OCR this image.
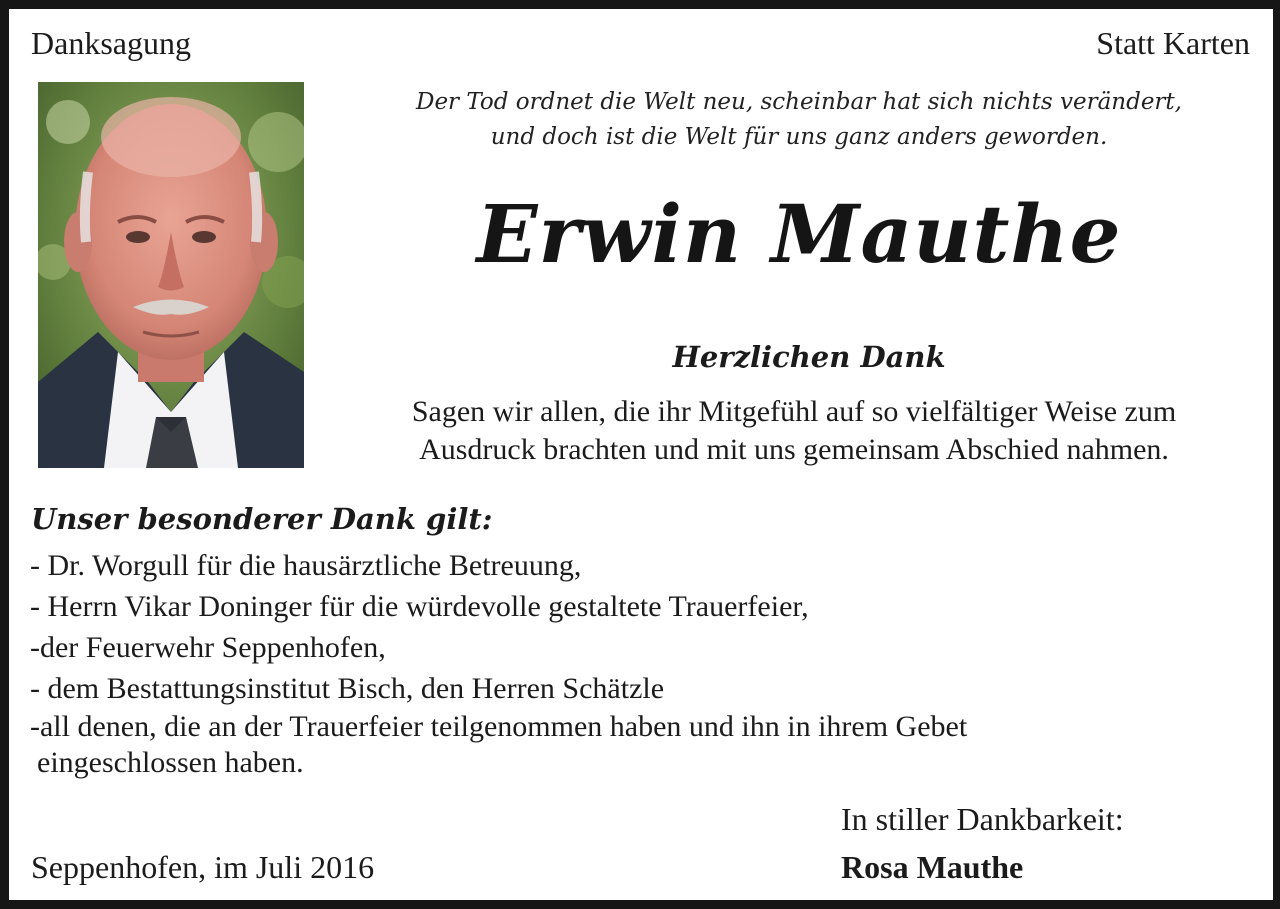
Danksagung	Statt Karten
Der Tod ordnet die Welt neu, scheinbar hat sich nichts verändert,
und doch ist die Welt für uns ganz anders geworden.
Erwin Mauthe
Herzlichen Dank
Sagen wir allen, die ihr Mitgefühl auf so vielfältiger Weise zum
Ausdruck brachten und mit uns gemeinsam Abschied nahmen.
Unser besonderer Dank gilt:
- Dr. Worgull für die hausärztliche Betreuung,
- Herrn Vikar Doninger für die würdevolle gestaltete Trauerfeier,
-der Feuerwehr Seppenhofen,
- dem Bestattungsinstitut Bisch, den Herren Schätzle
-all denen, die an der Trauerfeier teilgenommen haben und ihn in ihrem Gebet
eingeschlossen haben.
Seppenhofen, im Juli 2016
In stiller Dankbarkeit:
Rosa Mauthe
